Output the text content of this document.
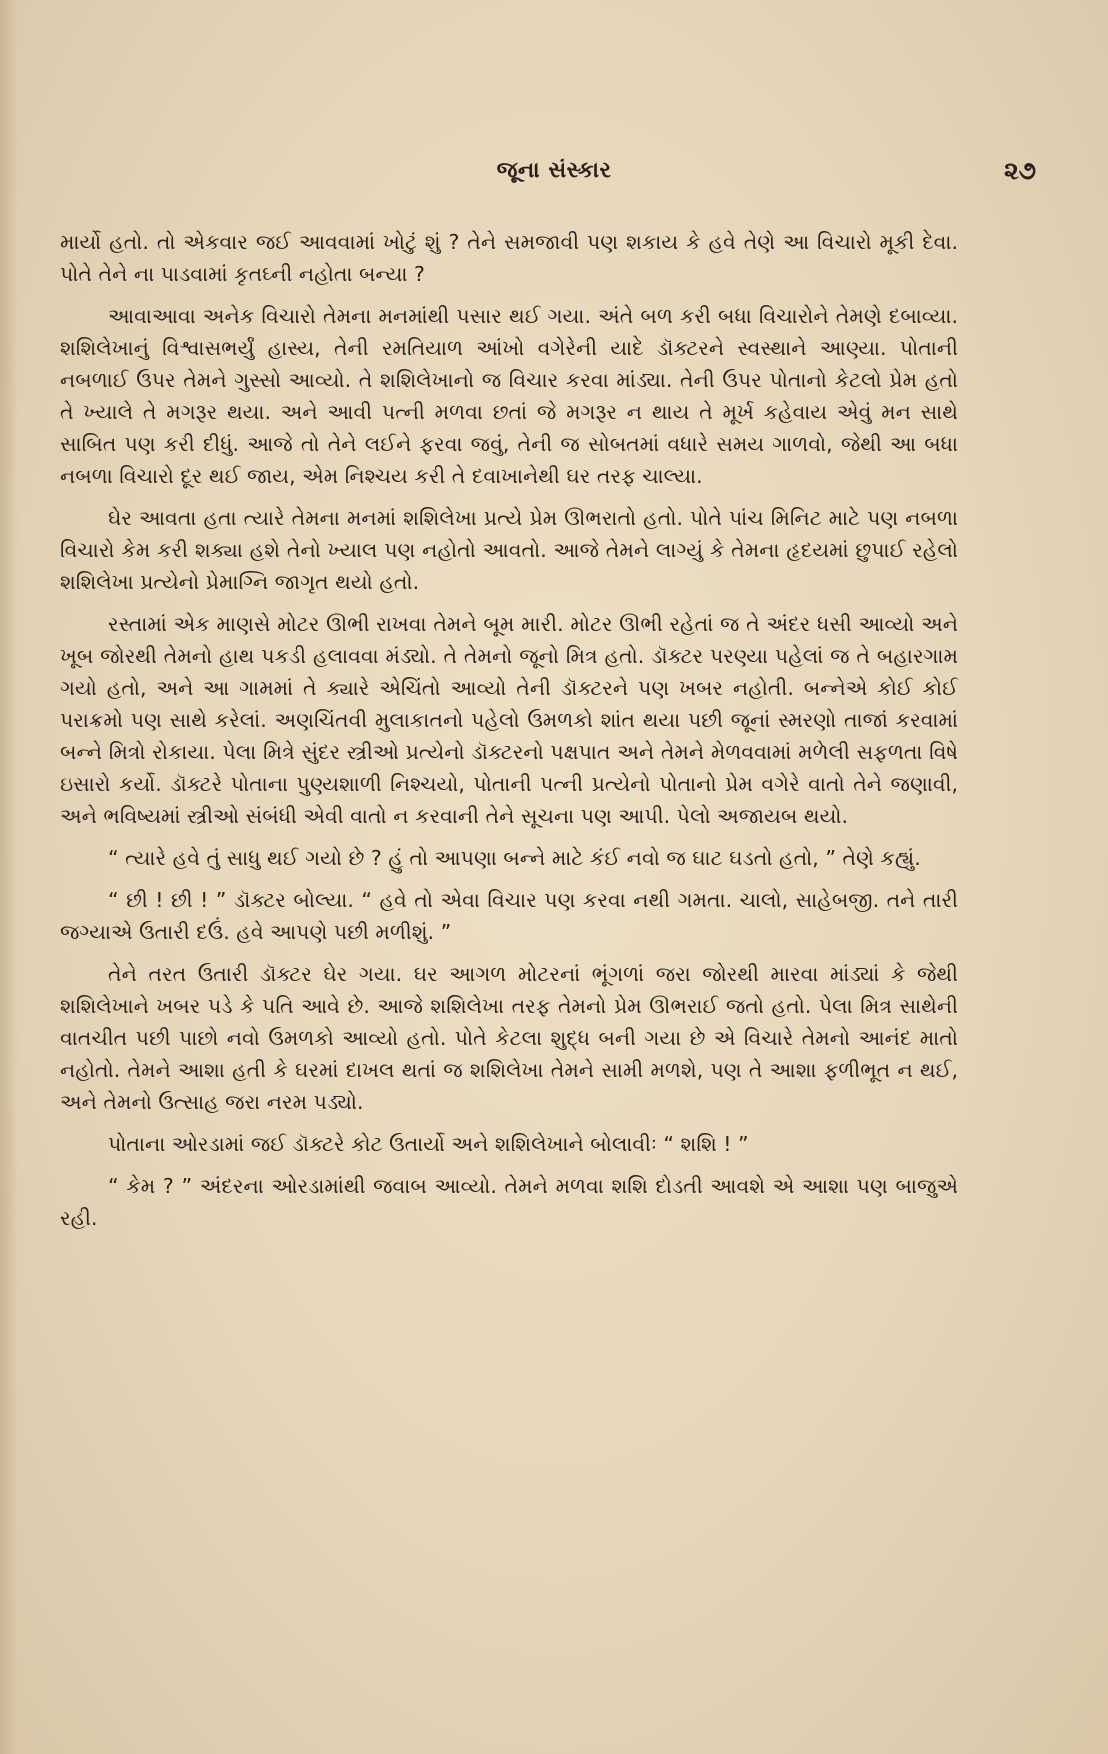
જૂના સંસ્કાર	૨૭

માર્યો હતો. તો એકવાર જઈ આવવામાં ખોટું શું ? તેને સમજાવી પણ શકાય કે હવે તેણે આ વિચારો મૂકી દેવા. પોતે તેને ના પાડવામાં કૃતઘ્ની નહોતા બન્યા ?

આવાઆવા અનેક વિચારો તેમના મનમાંથી પસાર થઈ ગયા. અંતે બળ કરી બધા વિચારોને તેમણે દબાવ્યા. શશિલેખાનું વિશ્વાસભર્યું હાસ્ય, તેની રમતિયાળ આંખો વગેરેની યાદે ડૉક્ટરને સ્વસ્થાને આણ્યા. પોતાની નબળાઈ ઉપર તેમને ગુસ્સો આવ્યો. તે શશિલેખાનો જ વિચાર કરવા માંડ્યા. તેની ઉપર પોતાનો કેટલો પ્રેમ હતો તે ખ્યાલે તે મગરૂર થયા. અને આવી પત્ની મળવા છતાં જે મગરૂર ન થાય તે મૂર્ખ કહેવાય એવું મન સાથે સાબિત પણ કરી દીધું. આજે તો તેને લઈને ફરવા જવું, તેની જ સોબતમાં વધારે સમય ગાળવો, જેથી આ બધા નબળા વિચારો દૂર થઈ જાય, એમ નિશ્ચય કરી તે દવાખાનેથી ઘર તરફ ચાલ્યા.

ઘેર આવતા હતા ત્યારે તેમના મનમાં શશિલેખા પ્રત્યે પ્રેમ ઊભરાતો હતો. પોતે પાંચ મિનિટ માટે પણ નબળા વિચારો કેમ કરી શક્યા હશે તેનો ખ્યાલ પણ નહોતો આવતો. આજે તેમને લાગ્યું કે તેમના હૃદયમાં છુપાઈ રહેલો શશિલેખા પ્રત્યેનો પ્રેમાગ્નિ જાગૃત થયો હતો.

રસ્તામાં એક માણસે મોટર ઊભી રાખવા તેમને બૂમ મારી. મોટર ઊભી રહેતાં જ તે અંદર ધસી આવ્યો અને ખૂબ જોરથી તેમનો હાથ પકડી હલાવવા મંડ્યો. તે તેમનો જૂનો મિત્ર હતો. ડૉક્ટર પરણ્યા પહેલાં જ તે બહારગામ ગયો હતો, અને આ ગામમાં તે ક્યારે એચિંતો આવ્યો તેની ડૉક્ટરને પણ ખબર નહોતી. બન્નેએ કોઈ કોઈ પરાક્રમો પણ સાથે કરેલાં. અણચિંતવી મુલાકાતનો પહેલો ઉમળકો શાંત થયા પછી જૂનાં સ્મરણો તાજાં કરવામાં બન્ને મિત્રો રોકાયા. પેલા મિત્રે સુંદર સ્ત્રીઓ પ્રત્યેનો ડૉક્ટરનો પક્ષપાત અને તેમને મેળવવામાં મળેલી સફળતા વિષે ઇસારો કર્યો. ડૉક્ટરે પોતાના પુણ્યશાળી નિશ્ચયો, પોતાની પત્ની પ્રત્યેનો પોતાનો પ્રેમ વગેરે વાતો તેને જણાવી, અને ભવિષ્યમાં સ્ત્રીઓ સંબંધી એવી વાતો ન કરવાની તેને સૂચના પણ આપી. પેલો અજાયબ થયો.

“ ત્યારે હવે તું સાધુ થઈ ગયો છે ? હું તો આપણા બન્ને માટે કંઈ નવો જ ઘાટ ઘડતો હતો, ” તેણે કહ્યું.

“ છી ! છી ! ” ડૉક્ટર બોલ્યા. “ હવે તો એવા વિચાર પણ કરવા નથી ગમતા. ચાલો, સાહેબજી. તને તારી જગ્યાએ ઉતારી દઉં. હવે આપણે પછી મળીશું. ”

તેને તરત ઉતારી ડૉક્ટર ઘેર ગયા. ઘર આગળ મોટરનાં ભૂંગળાં જરા જોરથી મારવા માંડ્યાં કે જેથી શશિલેખાને ખબર પડે કે પતિ આવે છે. આજે શશિલેખા તરફ તેમનો પ્રેમ ઊભરાઈ જતો હતો. પેલા મિત્ર સાથેની વાતચીત પછી પાછો નવો ઉમળકો આવ્યો હતો. પોતે કેટલા શુદ્ધ બની ગયા છે એ વિચારે તેમનો આનંદ માતો નહોતો. તેમને આશા હતી કે ઘરમાં દાખલ થતાં જ શશિલેખા તેમને સામી મળશે, પણ તે આશા ફળીભૂત ન થઈ, અને તેમનો ઉત્સાહ જરા નરમ પડ્યો.

પોતાના ઓરડામાં જઈ ડૉક્ટરે કોટ ઉતાર્યો અને શશિલેખાને બોલાવીઃ “ શશિ ! ”

“ કેમ ? ” અંદરના ઓરડામાંથી જવાબ આવ્યો. તેમને મળવા શશિ દોડતી આવશે એ આશા પણ બાજુએ રહી.
